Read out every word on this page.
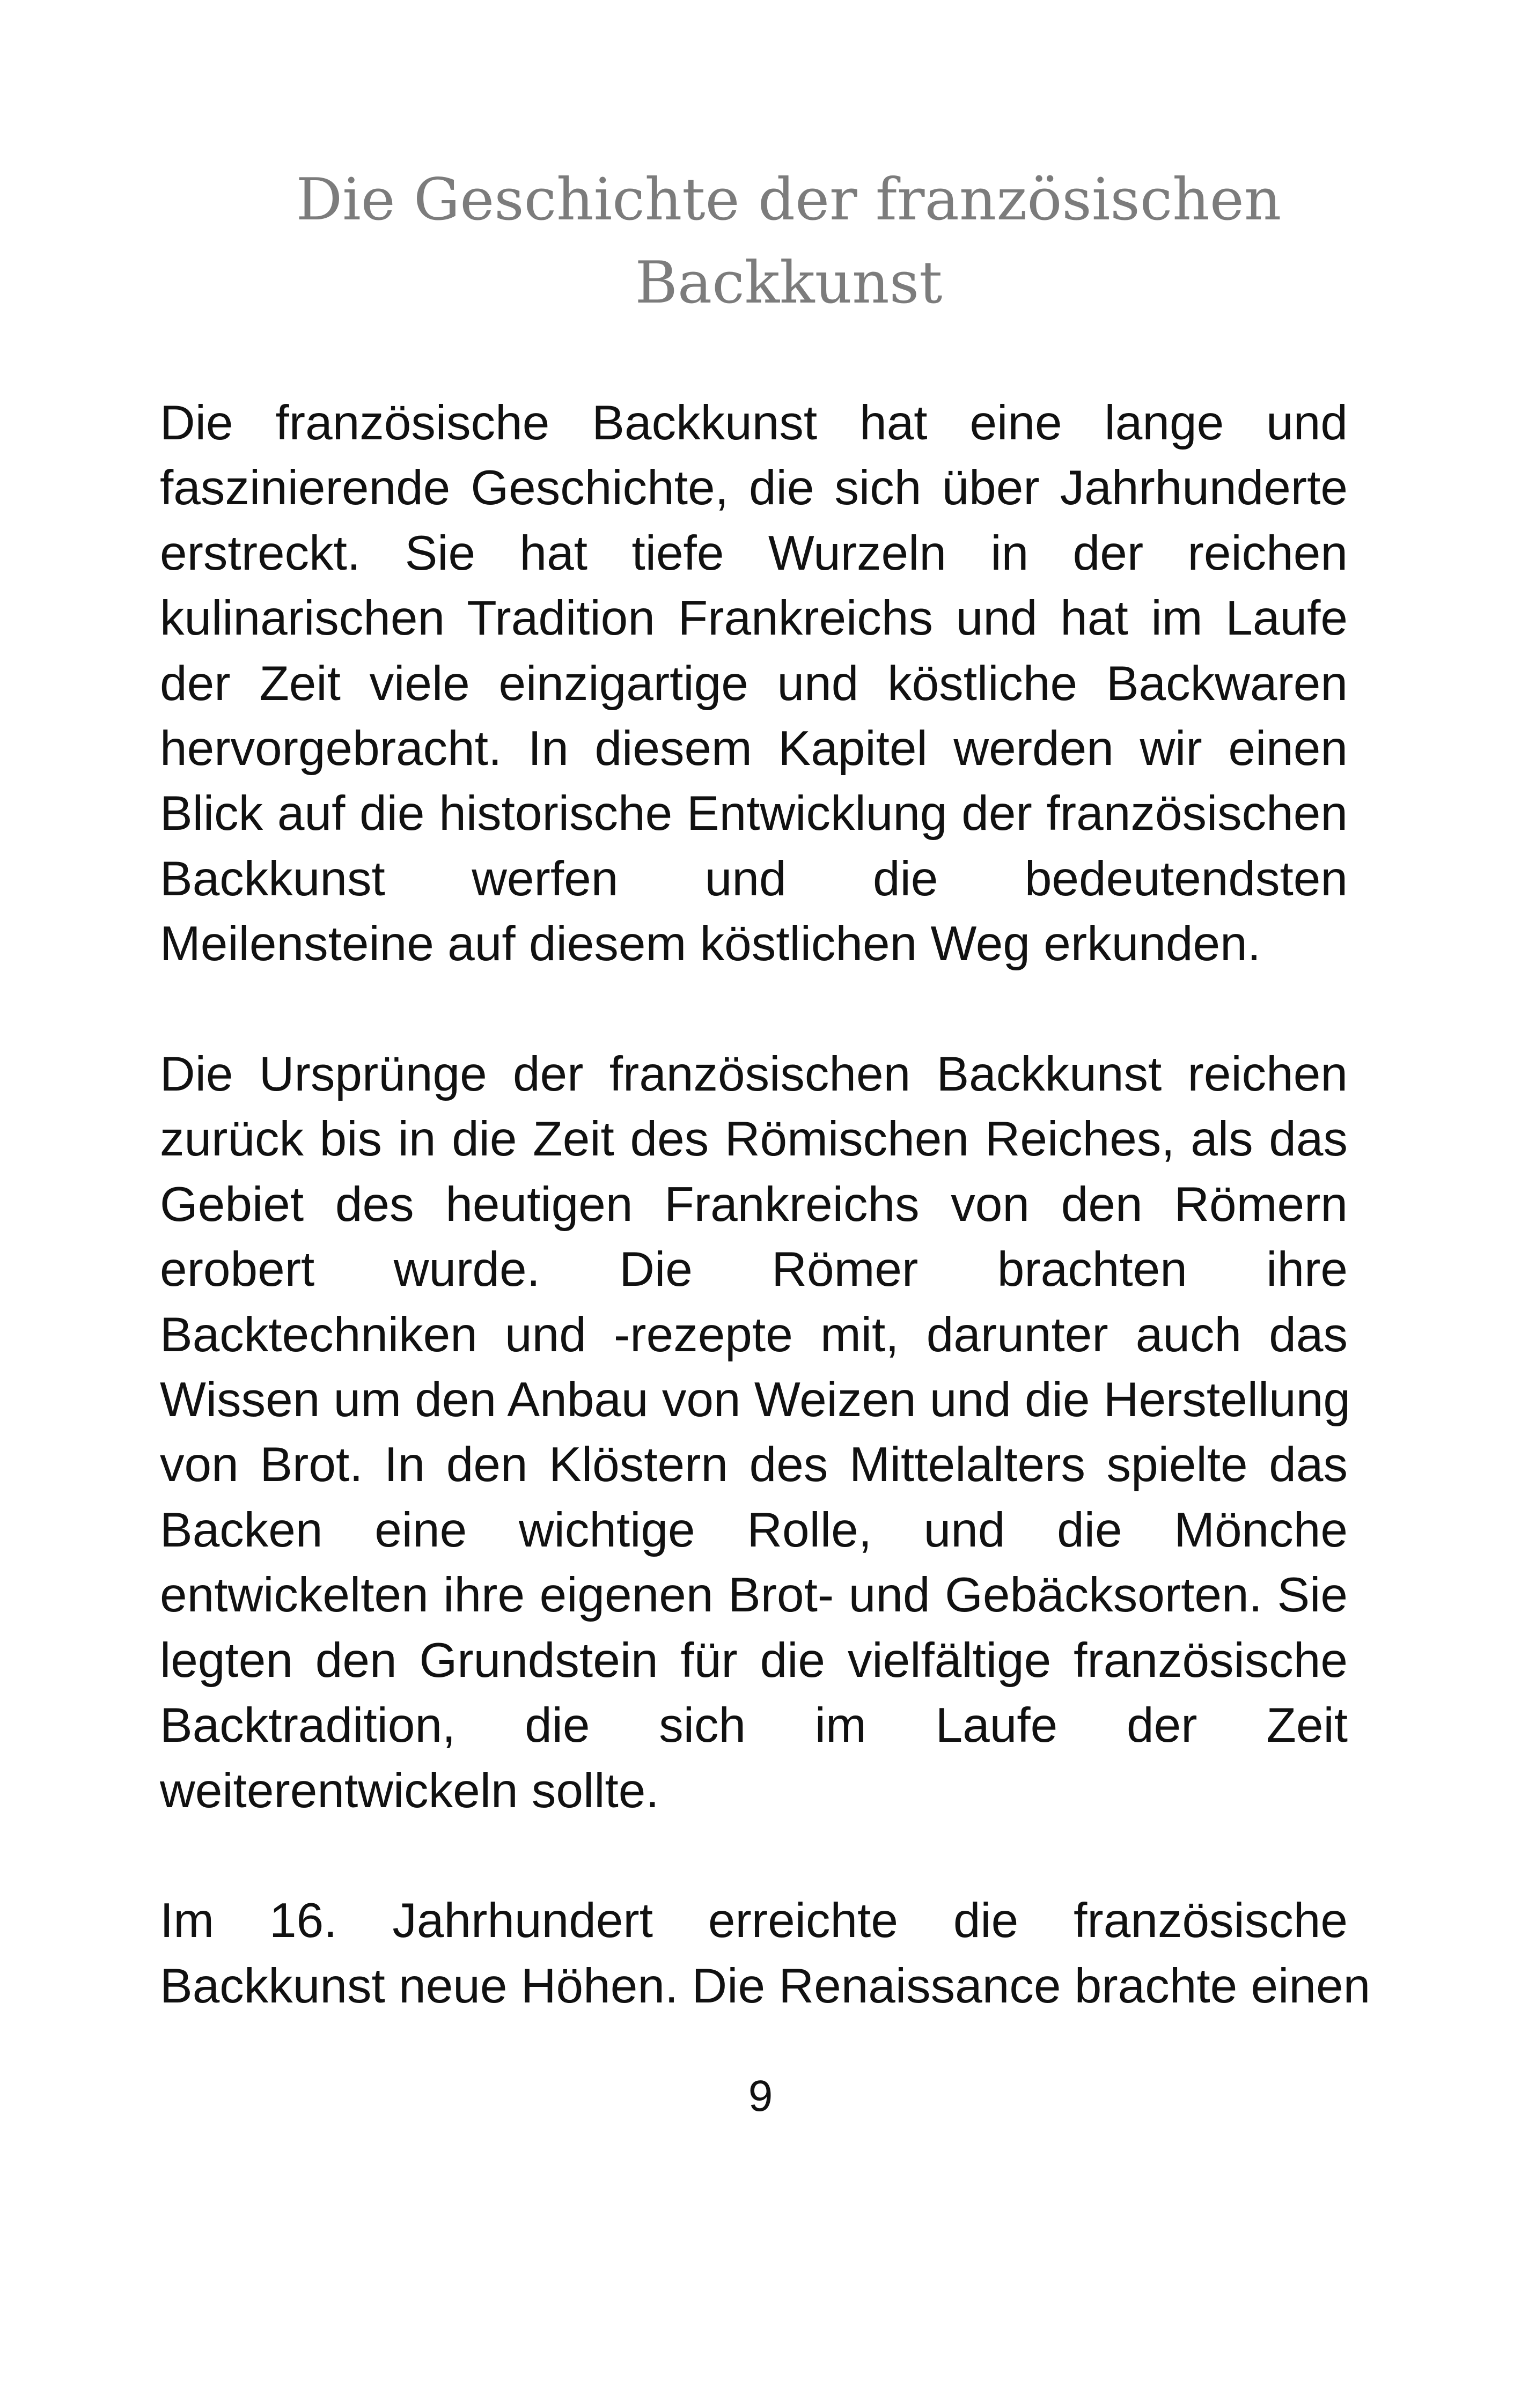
Die Geschichte der französischen
Backkunst

Die französische Backkunst hat eine lange und
faszinierende Geschichte, die sich über Jahrhunderte
erstreckt. Sie hat tiefe Wurzeln in der reichen
kulinarischen Tradition Frankreichs und hat im Laufe
der Zeit viele einzigartige und köstliche Backwaren
hervorgebracht. In diesem Kapitel werden wir einen
Blick auf die historische Entwicklung der französischen
Backkunst werfen und die bedeutendsten
Meilensteine auf diesem köstlichen Weg erkunden.

Die Ursprünge der französischen Backkunst reichen
zurück bis in die Zeit des Römischen Reiches, als das
Gebiet des heutigen Frankreichs von den Römern
erobert wurde. Die Römer brachten ihre
Backtechniken und -rezepte mit, darunter auch das
Wissen um den Anbau von Weizen und die Herstellung
von Brot. In den Klöstern des Mittelalters spielte das
Backen eine wichtige Rolle, und die Mönche
entwickelten ihre eigenen Brot- und Gebäcksorten. Sie
legten den Grundstein für die vielfältige französische
Backtradition, die sich im Laufe der Zeit
weiterentwickeln sollte.

Im 16. Jahrhundert erreichte die französische
Backkunst neue Höhen. Die Renaissance brachte einen

9
